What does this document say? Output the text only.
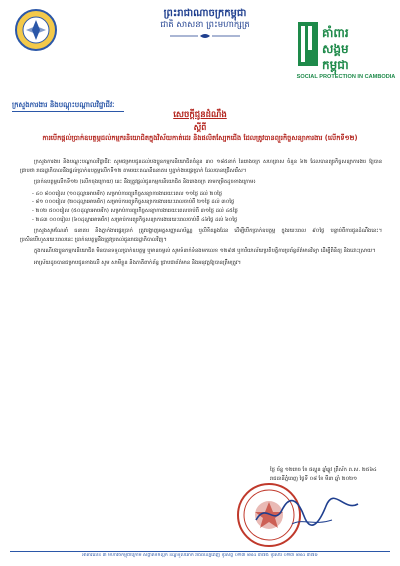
ព្រះរាជាណាចក្រកម្ពុជា
ជាតិ សាសនា ព្រះមហាក្សត្រ
គាំពារ
សង្គម
កម្ពុជា
SOCIAL PROTECTION IN CAMBODIA
ក្រសួងការងារ និងបណ្តុះបណ្តាលវិជ្ជាជីវៈ
សេចក្ដីជូនដំណឹង
ស្ដីពី
ការបើកផ្ដល់ប្រាក់ឧបត្ថម្ភដល់កម្មករនិយោជិតក្នុងវិស័យកាត់ដេរ និងផលិតស្បែកជើង ដែលត្រូវបានព្យួរកិច្ចសន្យាការងារ (លើកទី១២)

ក្រសួងការងារ និងបណ្ដុះបណ្ដាលវិជ្ជាជីវៈ សូមជម្រាបជូនដល់បងប្អូនកម្មករនិយោជិតចំនួន ៣០ ១៨៥នាក់ នៃរោងចក្រ សហគ្រាស ចំនួន ៦២ ដែលបានព្យួរកិច្ចសន្យាការងារ ឱ្យបានជ្រាបថា រាជរដ្ឋាភិបាលនឹងផ្ដល់ប្រាក់ឧបត្ថម្ភលើកទី១២ តាមរយៈគណនីធនាគារ ឬភ្នាក់ងារផ្ទេរប្រាក់ ដែលបានជ្រើសរើស។

ប្រាក់ឧបត្ថម្ភលើកទី១២ (លើកចុងក្រោយ) នេះ នឹងត្រូវផ្ដល់ជូនកម្មករនិយោជិត និងរោងចក្រ តាមកម្រិតដូចខាងក្រោម៖

- ៤០ ៨០០រៀល (១០ដុល្លារអាមេរិក) សម្រាប់ការព្យួរកិច្ចសន្យាការងាររយៈពេល ១១ថ្ងៃ ដល់ ២០ថ្ងៃ
- ៨១ ០០០រៀល (២០ដុល្លារអាមេរិក) សម្រាប់ការព្យួរកិច្ចសន្យាការងាររយៈពេលចាប់ពី ២១ថ្ងៃ ដល់ ៣០ថ្ងៃ
- ២០២ ៥០០រៀល (៥០ដុល្លារអាមេរិក) សម្រាប់ការព្យួរកិច្ចសន្យាការងាររយៈពេលចាប់ពី ៣១ថ្ងៃ ដល់ ៤៥ថ្ងៃ
- ២៤៣ ០០០រៀល (៦០ដុល្លារអាមេរិក) សម្រាប់ការព្យួរកិច្ចសន្យាការងាររយៈពេលចាប់ពី ៤៦ថ្ងៃ ដល់ ៦០ថ្ងៃ

ក្រសួងសូមណែនាំ ធនាគារ និងភ្នាក់ងារផ្ទេរប្រាក់ ត្រូវបង្ហាញអត្តសញ្ញាណប័ណ្ណ ឬលិខិតឆ្លងដែន ដើម្បីបើកប្រាក់ឧបត្ថម្ភ ក្នុងរយៈពេល ៩០ថ្ងៃ បន្ទាប់ពីការជូនដំណឹងនេះ។ ប្រសិនបើហួសរយៈពេលនេះ ប្រាក់ឧបត្ថម្ភនឹងត្រូវប្រគល់ជូនរាជរដ្ឋាភិបាលវិញ។

ក្នុងករណីបងប្អូនកម្មករនិយោជិត មិនបានទទួលប្រាក់ឧបត្ថម្ភ ឬមានចម្ងល់ សូមទំនាក់ទំនងមកលេខ ១២៩៧ ឬការិយាល័យប្រតិបត្តិការប្រព័ន្ធព័ត៌មានវិទ្យា ដើម្បីពិនិត្យ និងដោះស្រាយ។

អាស្រ័យដូចបានជម្រាបជូនខាងលើ សូម សាមីខ្លួន និងភាគីពាក់ព័ន្ធ ជ្រាបជាព័ត៌មាន និងអនុវត្តឱ្យបានត្រឹមត្រូវ។

ថ្ងៃ ច័ន្ទ ១២រោច ខែ ផល្គុន ឆ្នាំឆ្លូវ ត្រីស័ក ព.ស. ២៥៦៤
រាជធានីភ្នំពេញ ថ្ងៃទី ០៨ ខែ មីនា ឆ្នាំ ២០២១
អាគារលេខ ៣ មហាវិថីកម្ពុជាក្រោម សង្កាត់ទឹកល្អក់ ខណ្ឌទួលគោក រាជធានីភ្នំពេញ ទូរស័ព្ទ ០២៣ ៨៨៤ ៣៧៥ ទូរសារ ០២៣ ៨៨៤ ៣៧៦
